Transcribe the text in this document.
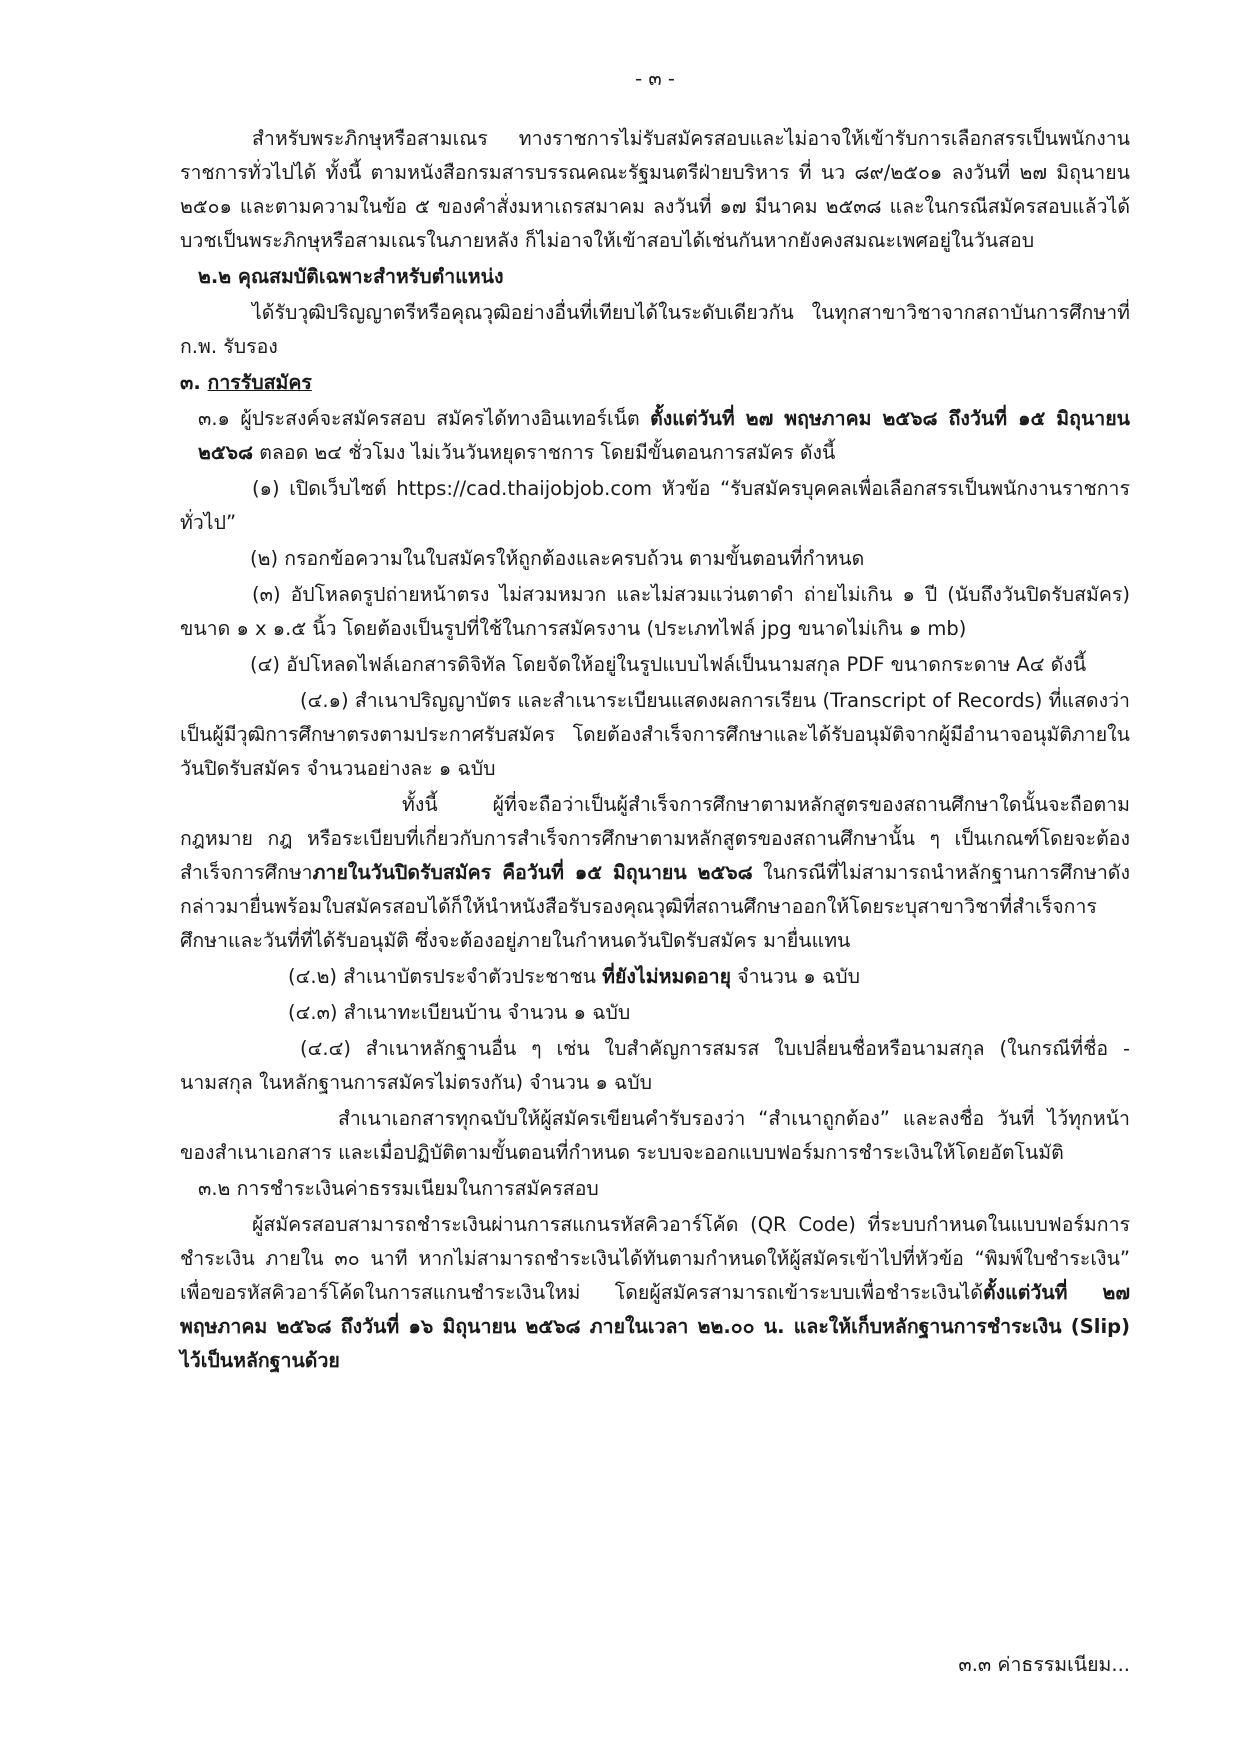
- ๓ -

สำหรับพระภิกษุหรือสามเณร ทางราชการไม่รับสมัครสอบและไม่อาจให้เข้ารับการเลือกสรรเป็นพนักงานราชการทั่วไปได้ ทั้งนี้ ตามหนังสือกรมสารบรรณคณะรัฐมนตรีฝ่ายบริหาร ที่ นว ๘๙/๒๕๐๑ ลงวันที่ ๒๗ มิถุนายน ๒๕๐๑ และตามความในข้อ ๕ ของคำสั่งมหาเถรสมาคม ลงวันที่ ๑๗ มีนาคม ๒๕๓๘ และในกรณีสมัครสอบแล้วได้บวชเป็นพระภิกษุหรือสามเณรในภายหลัง ก็ไม่อาจให้เข้าสอบได้เช่นกันหากยังคงสมณะเพศอยู่ในวันสอบ

๒.๒ คุณสมบัติเฉพาะสำหรับตำแหน่ง

ได้รับวุฒิปริญญาตรีหรือคุณวุฒิอย่างอื่นที่เทียบได้ในระดับเดียวกัน ในทุกสาขาวิชาจากสถาบันการศึกษาที่ ก.พ. รับรอง

๓. การรับสมัคร

๓.๑ ผู้ประสงค์จะสมัครสอบ สมัครได้ทางอินเทอร์เน็ต ตั้งแต่วันที่ ๒๗ พฤษภาคม ๒๕๖๘ ถึงวันที่ ๑๕ มิถุนายน ๒๕๖๘ ตลอด ๒๔ ชั่วโมง ไม่เว้นวันหยุดราชการ โดยมีขั้นตอนการสมัคร ดังนี้

(๑) เปิดเว็บไซต์ https://cad.thaijobjob.com หัวข้อ “รับสมัครบุคคลเพื่อเลือกสรรเป็นพนักงานราชการทั่วไป”

(๒) กรอกข้อความในใบสมัครให้ถูกต้องและครบถ้วน ตามขั้นตอนที่กำหนด

(๓) อัปโหลดรูปถ่ายหน้าตรง ไม่สวมหมวก และไม่สวมแว่นตาดำ ถ่ายไม่เกิน ๑ ปี (นับถึงวันปิดรับสมัคร) ขนาด ๑ x ๑.๕ นิ้ว โดยต้องเป็นรูปที่ใช้ในการสมัครงาน (ประเภทไฟล์ jpg ขนาดไม่เกิน ๑ mb)

(๔) อัปโหลดไฟล์เอกสารดิจิทัล โดยจัดให้อยู่ในรูปแบบไฟล์เป็นนามสกุล PDF ขนาดกระดาษ A๔ ดังนี้

(๔.๑) สำเนาปริญญาบัตร และสำเนาระเบียนแสดงผลการเรียน (Transcript of Records) ที่แสดงว่าเป็นผู้มีวุฒิการศึกษาตรงตามประกาศรับสมัคร โดยต้องสำเร็จการศึกษาและได้รับอนุมัติจากผู้มีอำนาจอนุมัติภายในวันปิดรับสมัคร จำนวนอย่างละ ๑ ฉบับ

ทั้งนี้ ผู้ที่จะถือว่าเป็นผู้สำเร็จการศึกษาตามหลักสูตรของสถานศึกษาใดนั้นจะถือตามกฎหมาย กฎ หรือระเบียบที่เกี่ยวกับการสำเร็จการศึกษาตามหลักสูตรของสถานศึกษานั้น ๆ เป็นเกณฑ์โดยจะต้องสำเร็จการศึกษาภายในวันปิดรับสมัคร คือวันที่ ๑๕ มิถุนายน ๒๕๖๘ ในกรณีที่ไม่สามารถนำหลักฐานการศึกษาดังกล่าวมายื่นพร้อมใบสมัครสอบได้ก็ให้นำหนังสือรับรองคุณวุฒิที่สถานศึกษาออกให้โดยระบุสาขาวิชาที่สำเร็จการศึกษาและวันที่ที่ได้รับอนุมัติ ซึ่งจะต้องอยู่ภายในกำหนดวันปิดรับสมัคร มายื่นแทน

(๔.๒) สำเนาบัตรประจำตัวประชาชน ที่ยังไม่หมดอายุ จำนวน ๑ ฉบับ

(๔.๓) สำเนาทะเบียนบ้าน จำนวน ๑ ฉบับ

(๔.๔) สำเนาหลักฐานอื่น ๆ เช่น ใบสำคัญการสมรส ใบเปลี่ยนชื่อหรือนามสกุล (ในกรณีที่ชื่อ - นามสกุล ในหลักฐานการสมัครไม่ตรงกัน) จำนวน ๑ ฉบับ

สำเนาเอกสารทุกฉบับให้ผู้สมัครเขียนคำรับรองว่า “สำเนาถูกต้อง” และลงชื่อ วันที่ ไว้ทุกหน้าของสำเนาเอกสาร และเมื่อปฏิบัติตามขั้นตอนที่กำหนด ระบบจะออกแบบฟอร์มการชำระเงินให้โดยอัตโนมัติ

๓.๒ การชำระเงินค่าธรรมเนียมในการสมัครสอบ

ผู้สมัครสอบสามารถชำระเงินผ่านการสแกนรหัสคิวอาร์โค้ด (QR Code) ที่ระบบกำหนดในแบบฟอร์มการชำระเงิน ภายใน ๓๐ นาที หากไม่สามารถชำระเงินได้ทันตามกำหนดให้ผู้สมัครเข้าไปที่หัวข้อ “พิมพ์ใบชำระเงิน” เพื่อขอรหัสคิวอาร์โค้ดในการสแกนชำระเงินใหม่ โดยผู้สมัครสามารถเข้าระบบเพื่อชำระเงินได้ตั้งแต่วันที่ ๒๗ พฤษภาคม ๒๕๖๘ ถึงวันที่ ๑๖ มิถุนายน ๒๕๖๘ ภายในเวลา ๒๒.๐๐ น. และให้เก็บหลักฐานการชำระเงิน (Slip) ไว้เป็นหลักฐานด้วย

๓.๓ ค่าธรรมเนียม...
